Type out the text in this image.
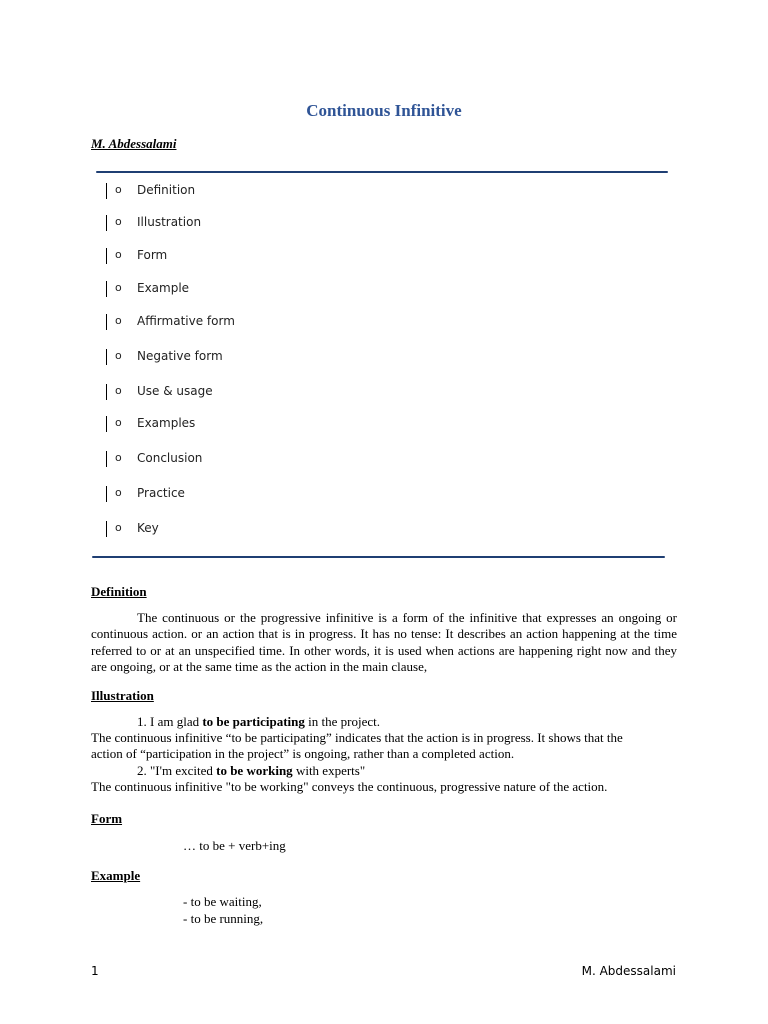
Continuous Infinitive
M. Abdessalami
o Definition
o Illustration
o Form
o Example
o Affirmative form
o Negative form
o Use & usage
o Examples
o Conclusion
o Practice
o Key
Definition
The continuous or the progressive infinitive is a form of the infinitive that expresses an ongoing or continuous action. or an action that is in progress. It has no tense: It describes an action happening at the time referred to or at an unspecified time. In other words, it is used when actions are happening right now and they are ongoing, or at the same time as the action in the main clause,
Illustration
1. I am glad to be participating in the project.
The continuous infinitive “to be participating” indicates that the action is in progress. It shows that the
action of “participation in the project” is ongoing, rather than a completed action.
2. "I'm excited to be working with experts"
The continuous infinitive "to be working" conveys the continuous, progressive nature of the action.
Form
… to be + verb+ing
Example
- to be waiting,
- to be running,
1	M. Abdessalami
